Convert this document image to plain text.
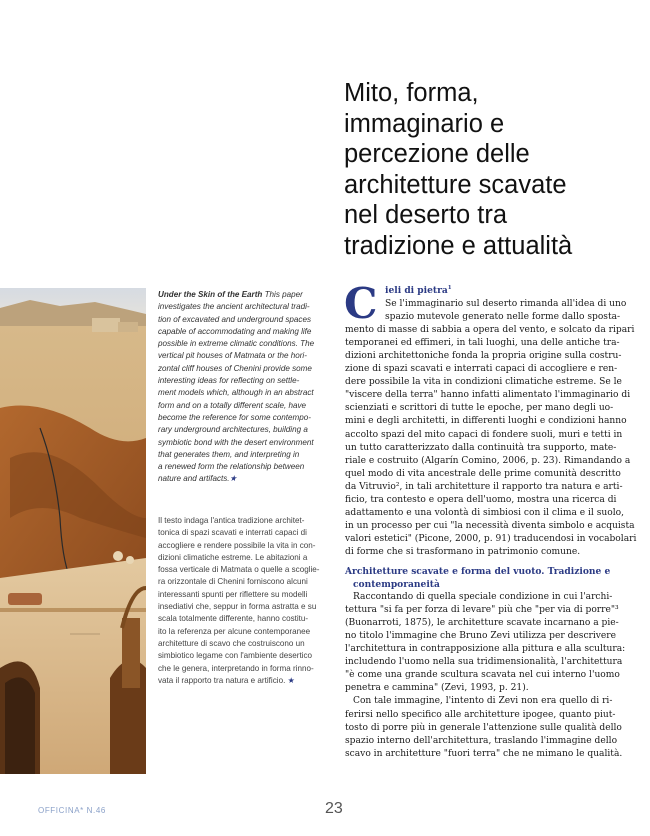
Mito, forma,
immaginario e
percezione delle
architetture scavate
nel deserto tra
tradizione e attualità
Under the Skin of the Earth This paper
investigates the ancient architectural tradi-
tion of excavated and underground spaces
capable of accommodating and making life
possible in extreme climatic conditions. The
vertical pit houses of Matmata or the hori-
zontal cliff houses of Chenini provide some
interesting ideas for reflecting on settle-
ment models which, although in an abstract
form and on a totally different scale, have
become the reference for some contempo-
rary underground architectures, building a
symbiotic bond with the desert environment
that generates them, and interpreting in
a renewed form the relationship between
nature and artifacts.★
Il testo indaga l'antica tradizione architet-
tonica di spazi scavati e interrati capaci di
accogliere e rendere possibile la vita in con-
dizioni climatiche estreme. Le abitazioni a
fossa verticale di Matmata o quelle a scoglie-
ra orizzontale di Chenini forniscono alcuni
interessanti spunti per riflettere su modelli
insediativi che, seppur in forma astratta e su
scala totalmente differente, hanno costitu-
ito la referenza per alcune contemporanee
architetture di scavo che costruiscono un
simbiotico legame con l'ambiente desertico
che le genera, interpretando in forma rinno-
vata il rapporto tra natura e artificio. ★
C ieli di pietra$^1$
Se l'immaginario sul deserto rimanda all'idea di uno
spazio mutevole generato nelle forme dallo sposta-
mento di masse di sabbia a opera del vento, e solcato da ripari
temporanei ed effimeri, in tali luoghi, una delle antiche tra-
dizioni architettoniche fonda la propria origine sulla costru-
zione di spazi scavati e interrati capaci di accogliere e ren-
dere possibile la vita in condizioni climatiche estreme. Se le
"viscere della terra" hanno infatti alimentato l'immaginario di
scienziati e scrittori di tutte le epoche, per mano degli uo-
mini e degli architetti, in differenti luoghi e condizioni hanno
accolto spazi del mito capaci di fondere suoli, muri e tetti in
un tutto caratterizzato dalla continuità tra supporto, mate-
riale e costruito (Algarín Comino, 2006, p. 23). Rimandando a
quel modo di vita ancestrale delle prime comunità descritto
da Vitruvio², in tali architetture il rapporto tra natura e arti-
ficio, tra contesto e opera dell'uomo, mostra una ricerca di
adattamento e una volontà di simbiosi con il clima e il suolo,
in un processo per cui "la necessità diventa simbolo e acquista
valori estetici" (Picone, 2000, p. 91) traducendosi in vocabolari
di forme che si trasformano in patrimonio comune.
Architetture scavate e forma del vuoto. Tradizione e
contemporaneità
Raccontando di quella speciale condizione in cui l'archi-
tettura "si fa per forza di levare" più che "per via di porre"³
(Buonarroti, 1875), le architetture scavate incarnano a pie-
no titolo l'immagine che Bruno Zevi utilizza per descrivere
l'architettura in contrapposizione alla pittura e alla scultura:
includendo l'uomo nella sua tridimensionalità, l'architettura
"è come una grande scultura scavata nel cui interno l'uomo
penetra e cammina" (Zevi, 1993, p. 21).
Con tale immagine, l'intento di Zevi non era quello di ri-
ferirsi nello specifico alle architetture ipogee, quanto piut-
tosto di porre più in generale l'attenzione sulle qualità dello
spazio interno dell'architettura, traslando l'immagine dello
scavo in architetture "fuori terra" che ne mimano le qualità.
OFFICINA* N.46	23
